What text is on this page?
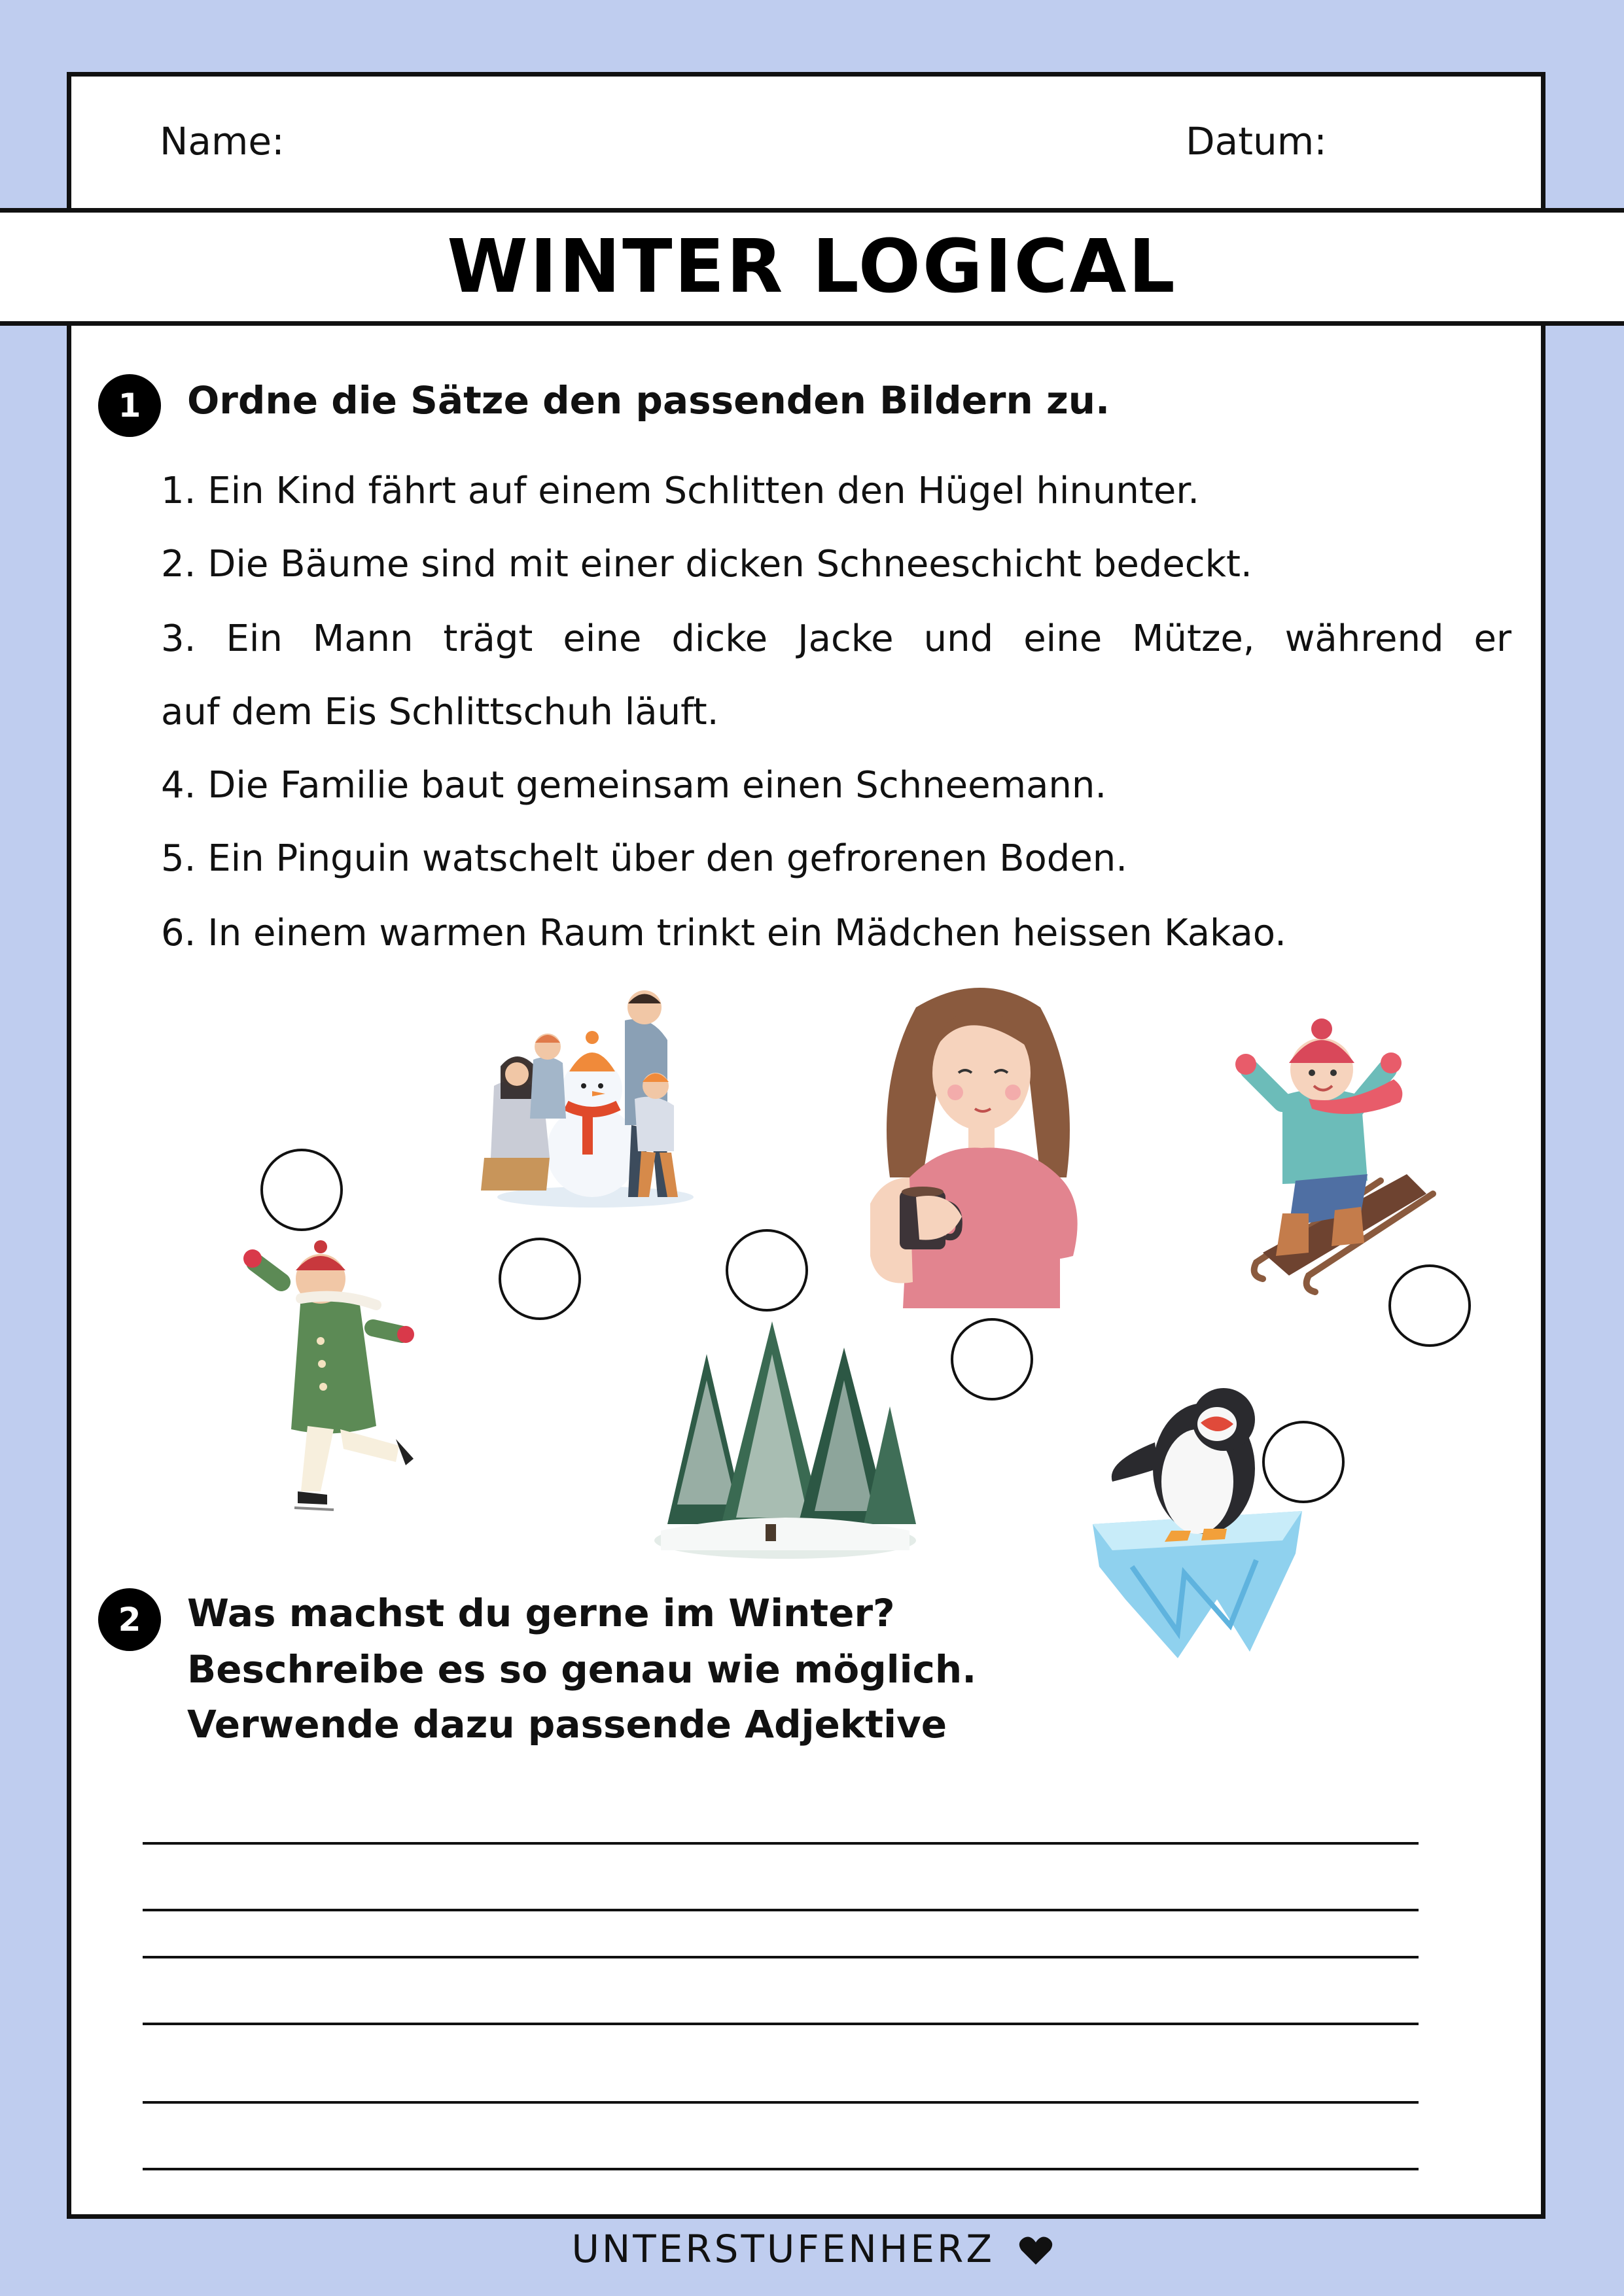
Name:	Datum:
WINTER LOGICAL
1	Ordne die Sätze den passenden Bildern zu.
1. Ein Kind fährt auf einem Schlitten den Hügel hinunter.
2. Die Bäume sind mit einer dicken Schneeschicht bedeckt.
3. Ein Mann trägt eine dicke Jacke und eine Mütze, während er
auf dem Eis Schlittschuh läuft.
4. Die Familie baut gemeinsam einen Schneemann.
5. Ein Pinguin watschelt über den gefrorenen Boden.
6. In einem warmen Raum trinkt ein Mädchen heissen Kakao.
2	Was machst du gerne im Winter?
Beschreibe es so genau wie möglich.
Verwende dazu passende Adjektive
UNTERSTUFENHERZ
